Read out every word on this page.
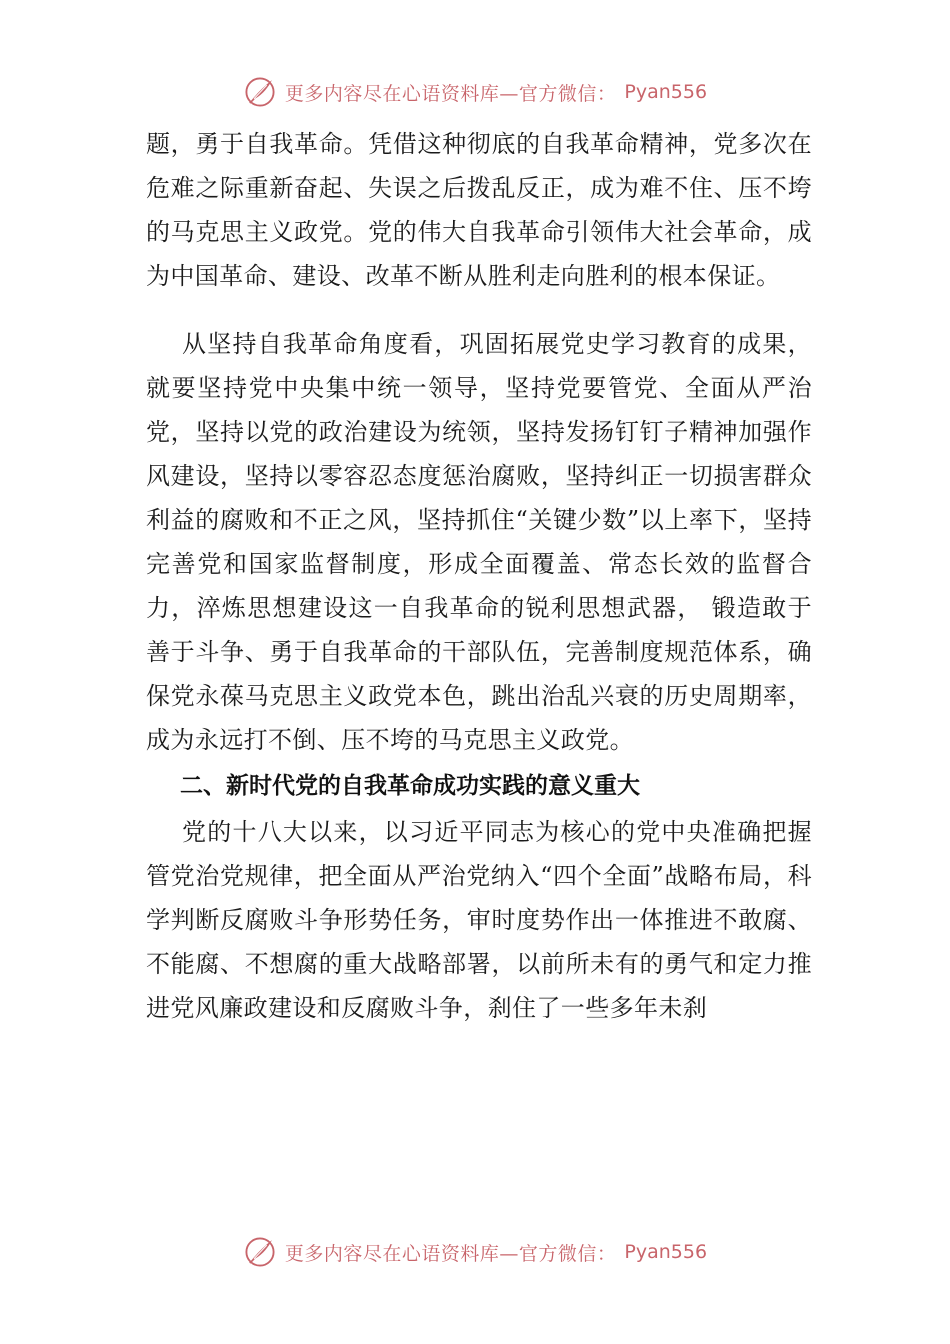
更多内容尽在心语资料库—官方微信： Pyan556

题，勇于自我革命。凭借这种彻底的自我革命精神，党多次在危难之际重新奋起、失误之后拨乱反正，成为难不住、压不垮的马克思主义政党。党的伟大自我革命引领伟大社会革命，成为中国革命、建设、改革不断从胜利走向胜利的根本保证。

从坚持自我革命角度看，巩固拓展党史学习教育的成果，就要坚持党中央集中统一领导，坚持党要管党、全面从严治党，坚持以党的政治建设为统领，坚持发扬钉钉子精神加强作风建设，坚持以零容忍态度惩治腐败，坚持纠正一切损害群众利益的腐败和不正之风，坚持抓住“关键少数”以上率下，坚持完善党和国家监督制度，形成全面覆盖、常态长效的监督合力，淬炼思想建设这一自我革命的锐利思想武器， 锻造敢于善于斗争、勇于自我革命的干部队伍，完善制度规范体系，确保党永葆马克思主义政党本色，跳出治乱兴衰的历史周期率，成为永远打不倒、压不垮的马克思主义政党。

二、新时代党的自我革命成功实践的意义重大

党的十八大以来，以习近平同志为核心的党中央准确把握管党治党规律，把全面从严治党纳入“四个全面”战略布局，科学判断反腐败斗争形势任务，审时度势作出一体推进不敢腐、不能腐、不想腐的重大战略部署，以前所未有的勇气和定力推进党风廉政建设和反腐败斗争，刹住了一些多年未刹

更多内容尽在心语资料库—官方微信： Pyan556
